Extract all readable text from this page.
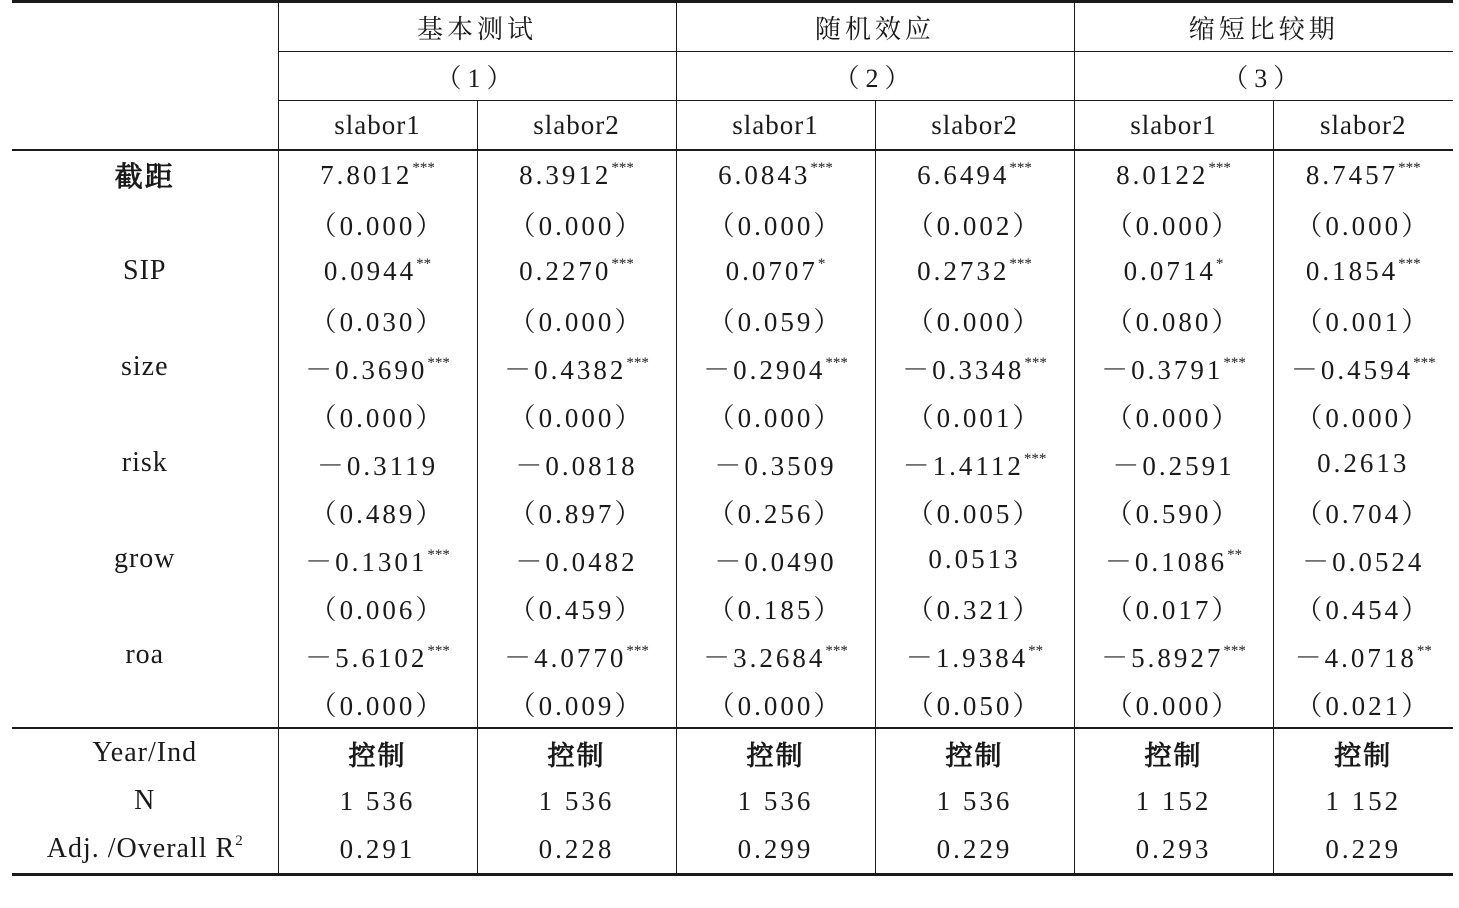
	基本测试		随机效应		缩短比较期	
	（1）		（2）		（3）	
	slabor1	slabor2	slabor1	slabor2	slabor1	slabor2
截距	7.8012***	8.3912***	6.0843***	6.6494***	8.0122***	8.7457***
	（0.000）	（0.000）	（0.000）	（0.002）	（0.000）	（0.000）
SIP	0.0944**	0.2270***	0.0707*	0.2732***	0.0714*	0.1854***
	（0.030）	（0.000）	（0.059）	（0.000）	（0.080）	（0.001）
size	－0.3690***	－0.4382***	－0.2904***	－0.3348***	－0.3791***	－0.4594***
	（0.000）	（0.000）	（0.000）	（0.001）	（0.000）	（0.000）
risk	－0.3119	－0.0818	－0.3509	－1.4112***	－0.2591	0.2613
	（0.489）	（0.897）	（0.256）	（0.005）	（0.590）	（0.704）
grow	－0.1301***	－0.0482	－0.0490	0.0513	－0.1086**	－0.0524
	（0.006）	（0.459）	（0.185）	（0.321）	（0.017）	（0.454）
roa	－5.6102***	－4.0770***	－3.2684***	－1.9384**	－5.8927***	－4.0718**
	（0.000）	（0.009）	（0.000）	（0.050）	（0.000）	（0.021）
Year/Ind	控制	控制	控制	控制	控制	控制
N	1 536	1 536	1 536	1 536	1 152	1 152
Adj. /Overall $R^2$	0.291	0.228	0.299	0.229	0.293	0.229
